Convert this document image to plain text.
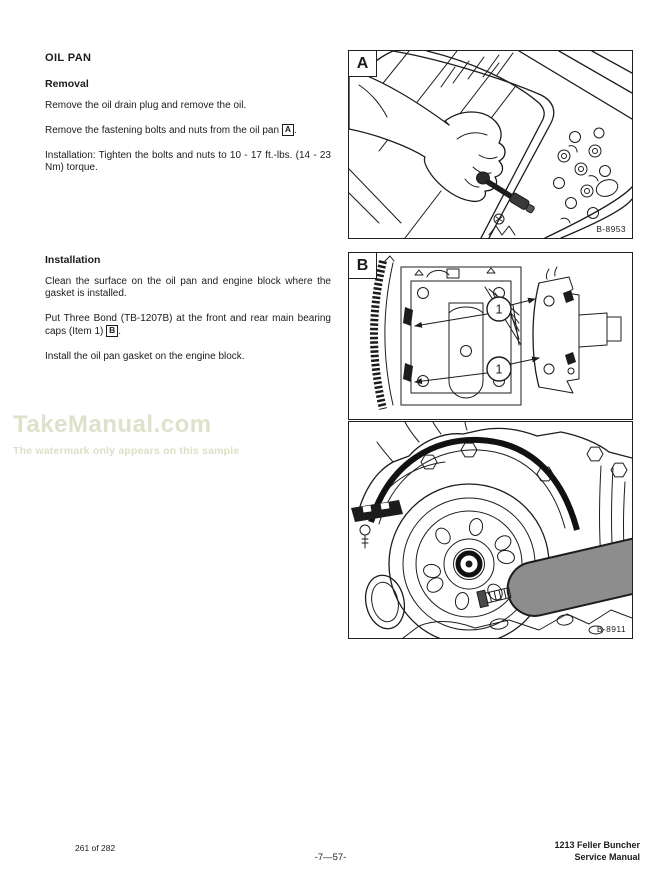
OIL PAN
Removal

Remove the oil drain plug and remove the oil.

Remove the fastening bolts and nuts from the oil pan A .

Installation: Tighten the bolts and nuts to 10 - 17 ft.-lbs. (14 - 23 Nm) torque.

Installation

Clean the surface on the oil pan and engine block where the gasket is installed.

Put Three Bond (TB-1207B) at the front and rear main bearing caps (Item 1) B .

Install the oil pan gasket on the engine block.

TakeManual.com
The watermark only appears on this sample
A
B-8953
B
1
1
B-8911
261 of 282
-7—57-
1213 Feller Buncher
Service Manual
